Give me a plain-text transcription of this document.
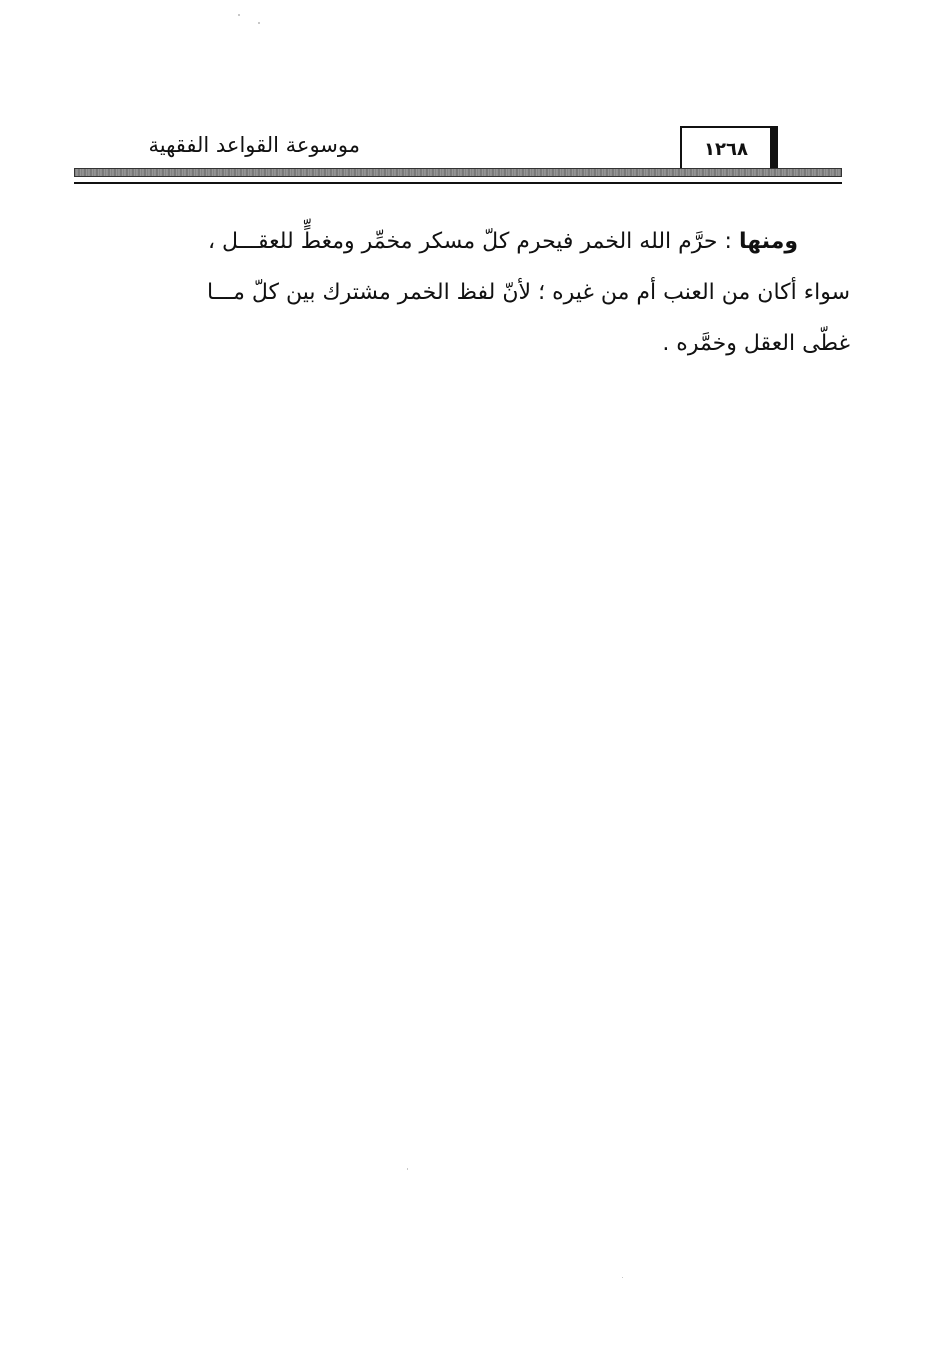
موسوعة القواعد الفقهية	١٢٦٨
ومنها : حرَّم الله الخمر فيحرم كلّ مسكر مخمِّر ومغطٍّ للعقـــل ،
سواء أكان من العنب أم من غيره ؛ لأنّ لفظ الخمر مشترك بين كلّ مـــا
غطّى العقل وخمَّره .
